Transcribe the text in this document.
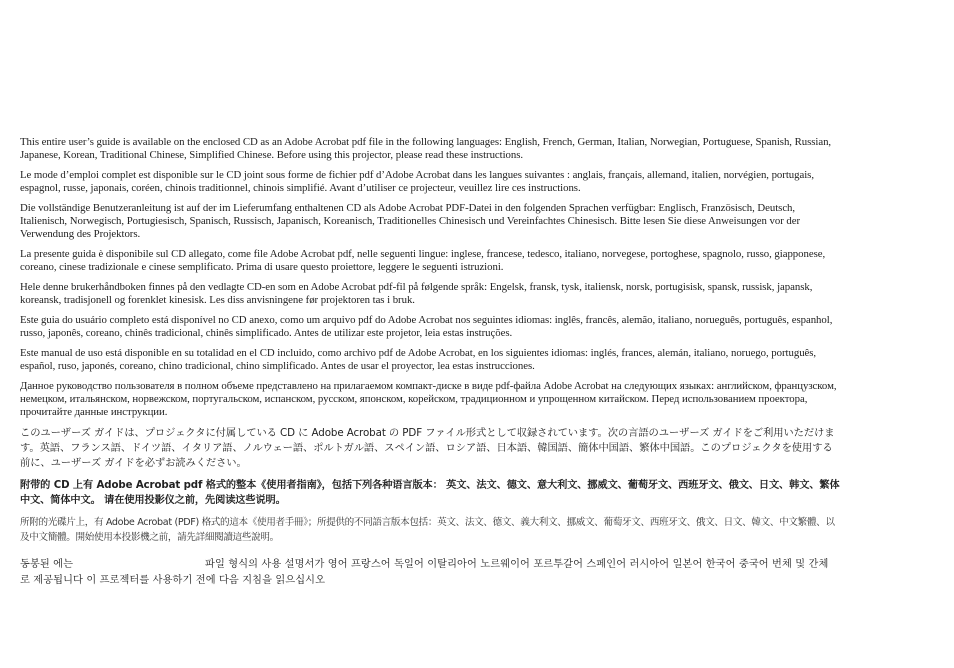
This entire user’s guide is available on the enclosed CD as an Adobe Acrobat pdf file in the following languages: English, French, German, Italian, Norwegian, Portuguese, Spanish, Russian, Japanese, Korean, Traditional Chinese, Simplified Chinese. Before using this projector, please read these instructions.

Le mode d’emploi complet est disponible sur le CD joint sous forme de fichier pdf d’Adobe Acrobat dans les langues suivantes : anglais, français, allemand, italien, norvégien, portugais, espagnol, russe, japonais, coréen, chinois traditionnel, chinois simplifié. Avant d’utiliser ce projecteur, veuillez lire ces instructions.

Die vollständige Benutzeranleitung ist auf der im Lieferumfang enthaltenen CD als Adobe Acrobat PDF-Datei in den folgenden Sprachen verfügbar: Englisch, Französisch, Deutsch, Italienisch, Norwegisch, Portugiesisch, Spanisch, Russisch, Japanisch, Koreanisch, Traditionelles Chinesisch und Vereinfachtes Chinesisch. Bitte lesen Sie diese Anweisungen vor der Verwendung des Projektors.

La presente guida è disponibile sul CD allegato, come file Adobe Acrobat pdf, nelle seguenti lingue: inglese, francese, tedesco, italiano, norvegese, portoghese, spagnolo, russo, giapponese, coreano, cinese tradizionale e cinese semplificato. Prima di usare questo proiettore, leggere le seguenti istruzioni.

Hele denne brukerhåndboken finnes på den vedlagte CD-en som en Adobe Acrobat pdf-fil på følgende språk: Engelsk, fransk, tysk, italiensk, norsk, portugisisk, spansk, russisk, japansk, koreansk, tradisjonell og forenklet kinesisk. Les diss anvisningene før projektoren tas i bruk.

Este guia do usuário completo está disponível no CD anexo, como um arquivo pdf do Adobe Acrobat nos seguintes idiomas: inglês, francês, alemão, italiano, norueguês, português, espanhol, russo, japonês, coreano, chinês tradicional, chinês simplificado. Antes de utilizar este projetor, leia estas instruções.

Este manual de uso está disponible en su totalidad en el CD incluido, como archivo pdf de Adobe Acrobat, en los siguientes idiomas: inglés, frances, alemán, italiano, noruego, português, español, ruso, japonés, coreano, chino tradicional, chino simplificado. Antes de usar el proyector, lea estas instrucciones.

Данное руководство пользователя в полном объеме представлено на прилагаемом компакт-диске в виде pdf-файла Adobe Acrobat на следующих языках: английском, французском, немецком, итальянском, норвежском, португальском, испанском, русском, японском, корейском, традиционном и упрощенном китайском. Перед использованием проектора, прочитайте данные инструкции.

このユーザーズ ガイドは、プロジェクタに付属している CD に Adobe Acrobat の PDF ファイル形式として収録されています。次の言語のユーザーズ ガイドをご利用いただけます。英語、フランス語、ドイツ語、イタリア語、ノルウェー語、ポルトガル語、スペイン語、ロシア語、日本語、韓国語、簡体中国語、繁体中国語。このプロジェクタを使用する前に、ユーザーズ ガイドを必ずお読みください。

附带的 CD 上有 Adobe Acrobat pdf 格式的整本《使用者指南》，包括下列各种语言版本： 英文、法文、德文、意大利文、挪威文、葡萄牙文、西班牙文、俄文、日文、韩文、繁体中文、简体中文。 请在使用投影仪之前，先阅读这些说明。

所附的光碟片上，有 Adobe Acrobat (PDF) 格式的這本《使用者手冊》；所提供的不同語言版本包括：英文、法文、德文、義大利文、挪威文、葡萄牙文、西班牙文、俄文、日文、韓文、中文繁體、以及中文簡體。開始使用本投影機之前，請先詳細閱讀這些說明。

동봉된 에는	파일 형식의 사용 설명서가 영어 프랑스어 독일어 이탈리아어 노르웨이어 포르투갈어 스페인어 러시아어 일본어 한국어 중국어 번체 및 간체 로 제공됩니다 이 프로젝터를 사용하기 전에 다음 지침을 읽으십시오
